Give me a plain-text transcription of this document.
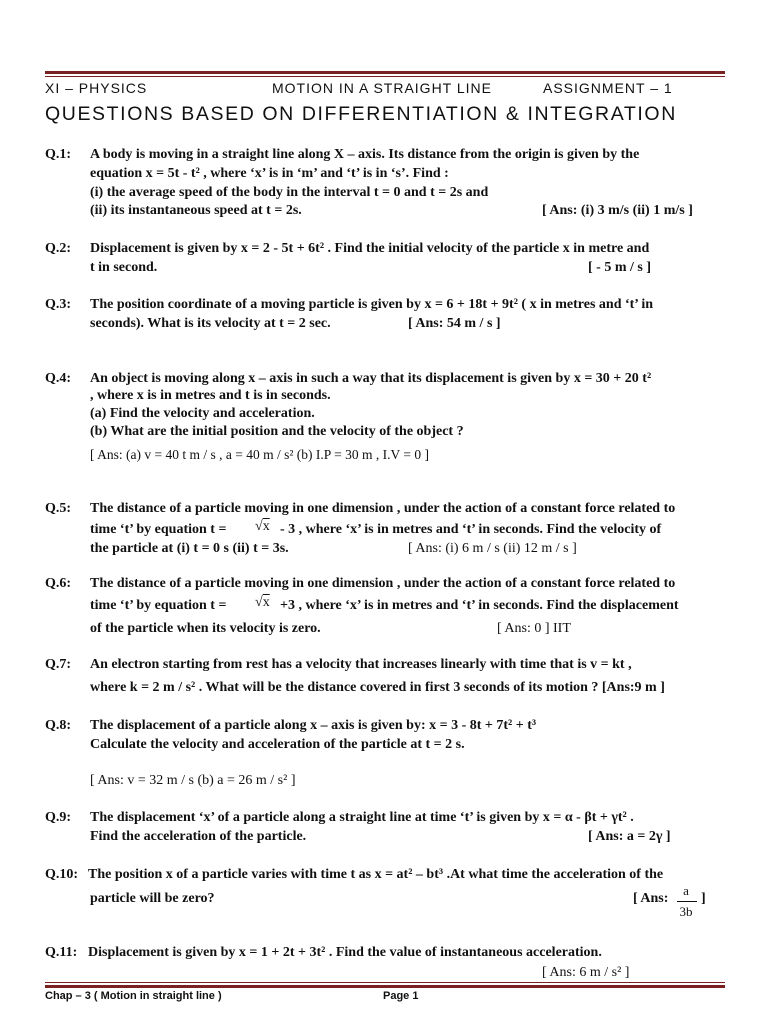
XI – PHYSICS	MOTION IN A STRAIGHT LINE	ASSIGNMENT – 1
QUESTIONS BASED ON DIFFERENTIATION & INTEGRATION
Q.1: A body is moving in a straight line along X – axis. Its distance from the origin is given by the
equation x = 5t - t² , where ‘x’ is in ‘m’ and ‘t’ is in ‘s’. Find :
(i) the average speed of the body in the interval t = 0 and t = 2s and
(ii) its instantaneous speed at t = 2s.	[ Ans: (i) 3 m/s (ii) 1 m/s ]
Q.2: Displacement is given by x = 2 - 5t + 6t² . Find the initial velocity of the particle x in metre and
t in second.	[ - 5 m / s ]
Q.3: The position coordinate of a moving particle is given by x = 6 + 18t + 9t² ( x in metres and ‘t’ in
seconds). What is its velocity at t = 2 sec.	[ Ans: 54 m / s ]
Q.4: An object is moving along x – axis in such a way that its displacement is given by x = 30 + 20 t²
, where x is in metres and t is in seconds.
(a) Find the velocity and acceleration.
(b) What are the initial position and the velocity of the object ?
[ Ans: (a) v = 40 t m / s , a = 40 m / s² (b) I.P = 30 m , I.V = 0 ]
Q.5: The distance of a particle moving in one dimension , under the action of a constant force related to
time ‘t’ by equation t = √x - 3 , where ‘x’ is in metres and ‘t’ in seconds. Find the velocity of
the particle at (i) t = 0 s (ii) t = 3s.	[ Ans: (i) 6 m / s (ii) 12 m / s ]
Q.6: The distance of a particle moving in one dimension , under the action of a constant force related to
time ‘t’ by equation t = √x +3 , where ‘x’ is in metres and ‘t’ in seconds. Find the displacement
of the particle when its velocity is zero.	[ Ans: 0 ] IIT
Q.7: An electron starting from rest has a velocity that increases linearly with time that is v = kt ,
where k = 2 m / s² . What will be the distance covered in first 3 seconds of its motion ? [Ans:9 m ]
Q.8: The displacement of a particle along x – axis is given by: x = 3 - 8t + 7t² + t³
Calculate the velocity and acceleration of the particle at t = 2 s.
[ Ans: v = 32 m / s (b) a = 26 m / s² ]
Q.9: The displacement ‘x’ of a particle along a straight line at time ‘t’ is given by x = α - βt + γt² .
Find the acceleration of the particle.	[ Ans: a = 2γ ]
Q.10: The position x of a particle varies with time t as x = at² – bt³ .At what time the acceleration of the
particle will be zero?	[ Ans:
a
3b
]
Q.11: Displacement is given by x = 1 + 2t + 3t² . Find the value of instantaneous acceleration.
[ Ans: 6 m / s² ]
Chap – 3 ( Motion in straight line )	Page 1
